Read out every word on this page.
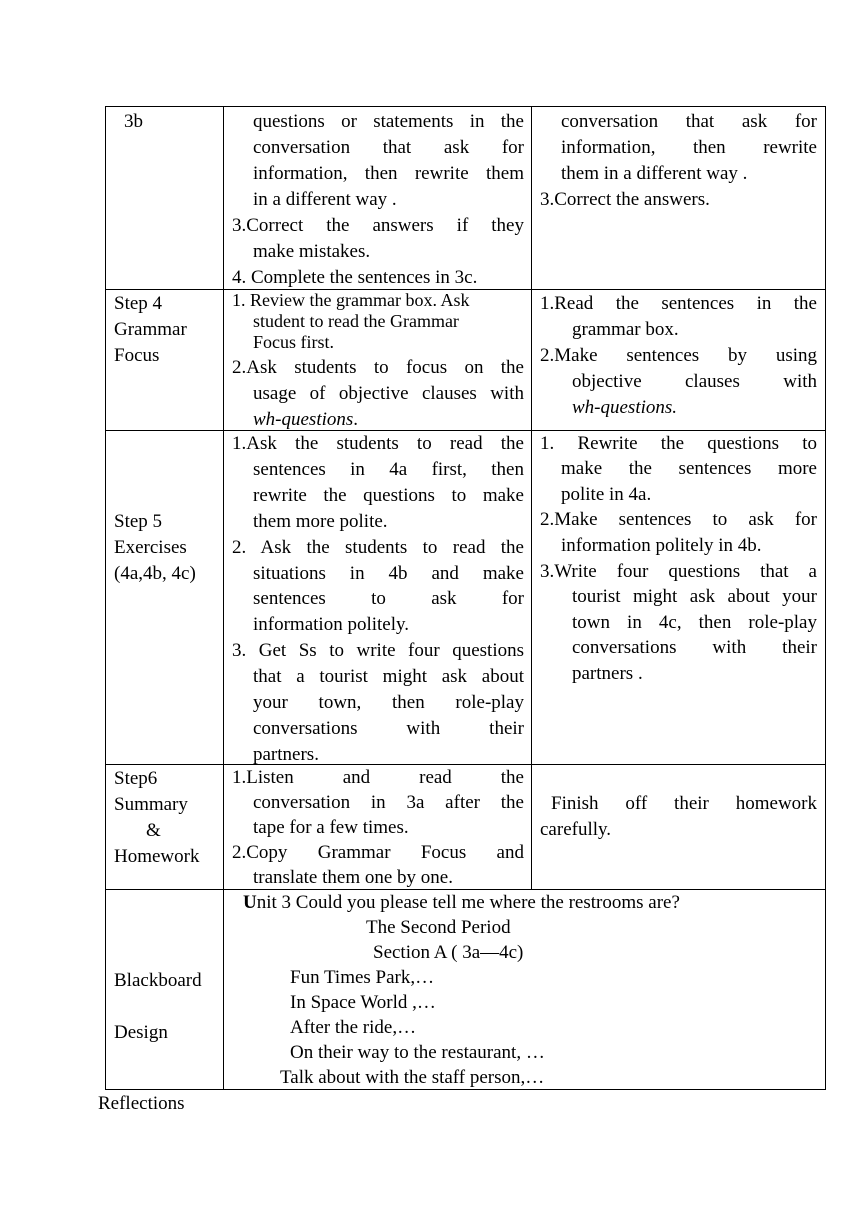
3b	questions or statements in the
conversation that ask for
information, then rewrite them
in a different way .
3.Correct the answers if they
make mistakes.
4. Complete the sentences in 3c.
conversation that ask for
information, then rewrite
them in a different way .
3.Correct the answers.
Step 4
Grammar
Focus
1. Review the grammar box. Ask
student to read the Grammar
Focus first.
2.Ask students to focus on the
usage of objective clauses with
wh-questions.
1.Read the sentences in the
grammar box.
2.Make sentences by using
objective clauses with
wh-questions.
Step 5
Exercises
(4a,4b, 4c)
1.Ask the students to read the
sentences in 4a first, then
rewrite the questions to make
them more polite.
2. Ask the students to read the
situations in 4b and make
sentences to ask for
information politely.
3. Get Ss to write four questions
that a tourist might ask about
your town, then role-play
conversations with their
partners.
1. Rewrite the questions to
make the sentences more
polite in 4a.
2.Make sentences to ask for
information politely in 4b.
3.Write four questions that a
tourist might ask about your
town in 4c, then role-play
conversations with their
partners .
Step6
Summary
&
Homework
1.Listen and read the
conversation in 3a after the
tape for a few times.
2.Copy Grammar Focus and
translate them one by one.
Finish off their homework
carefully.
Blackboard
Design
Unit 3 Could you please tell me where the restrooms are?
The Second Period
Section A ( 3a—4c)
Fun Times Park,…
In Space World ,…
After the ride,…
On their way to the restaurant, …
Talk about with the staff person,…
Reflections
